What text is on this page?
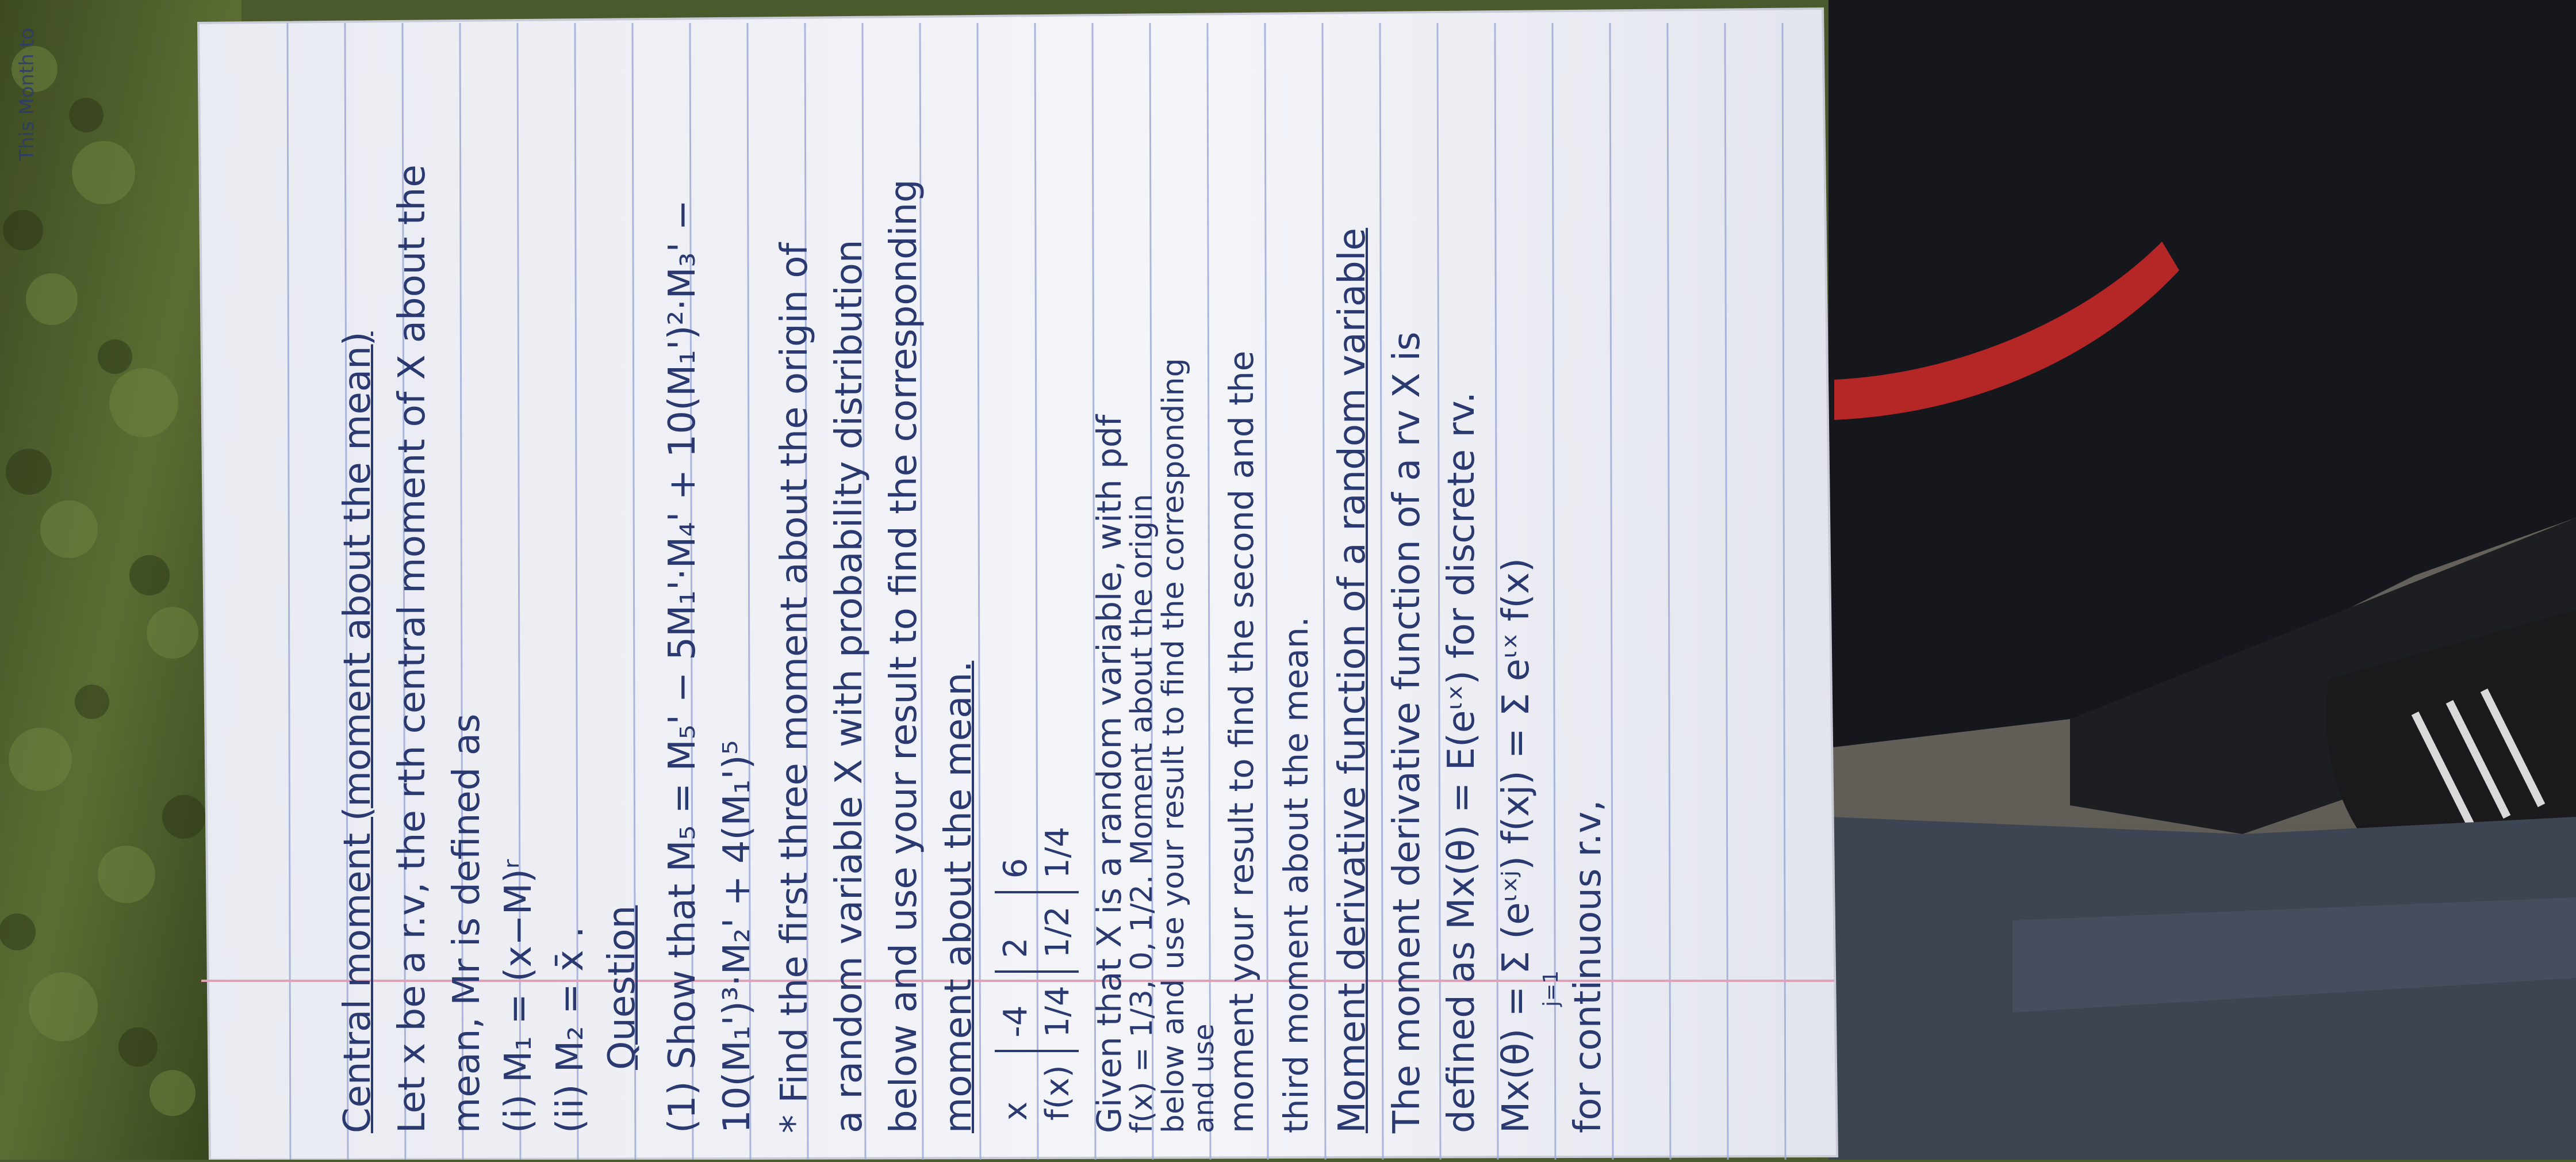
This Month to
Central moment (moment about the mean) Let x be a r.v, the rth central moment of X about the mean, Mr is defined as (i) M₁ = (x−M)ʳ (ii) M₂ = x̄ . Question (1) Show that M₅ = M₅' − 5M₁'·M₄' + 10(M₁')²·M₃' − 10(M₁')³·M₂' + 4(M₁')⁵ * Find the first three moment about the origin of a random variable X with probability distribution below and use your result to find the corresponding moment about the mean. x	-4	2	6
f(x)	1/4	1/2	1/4 Given that X is a random variable, with pdf
f(x) = 1/3, 0, 1/2. Moment about the origin
below and use your result to find the corresponding
and use moment your result to find the second and the third moment about the mean. Moment derivative function of a random variable The moment derivative function of a rv X is defined as Mx(θ) = E(eᶥˣ) for discrete rv. Mx(θ) = Σ (eᶥˣʲ) f(xj) = Σ eᶥˣ f(x) j=1 for continuous r.v,
